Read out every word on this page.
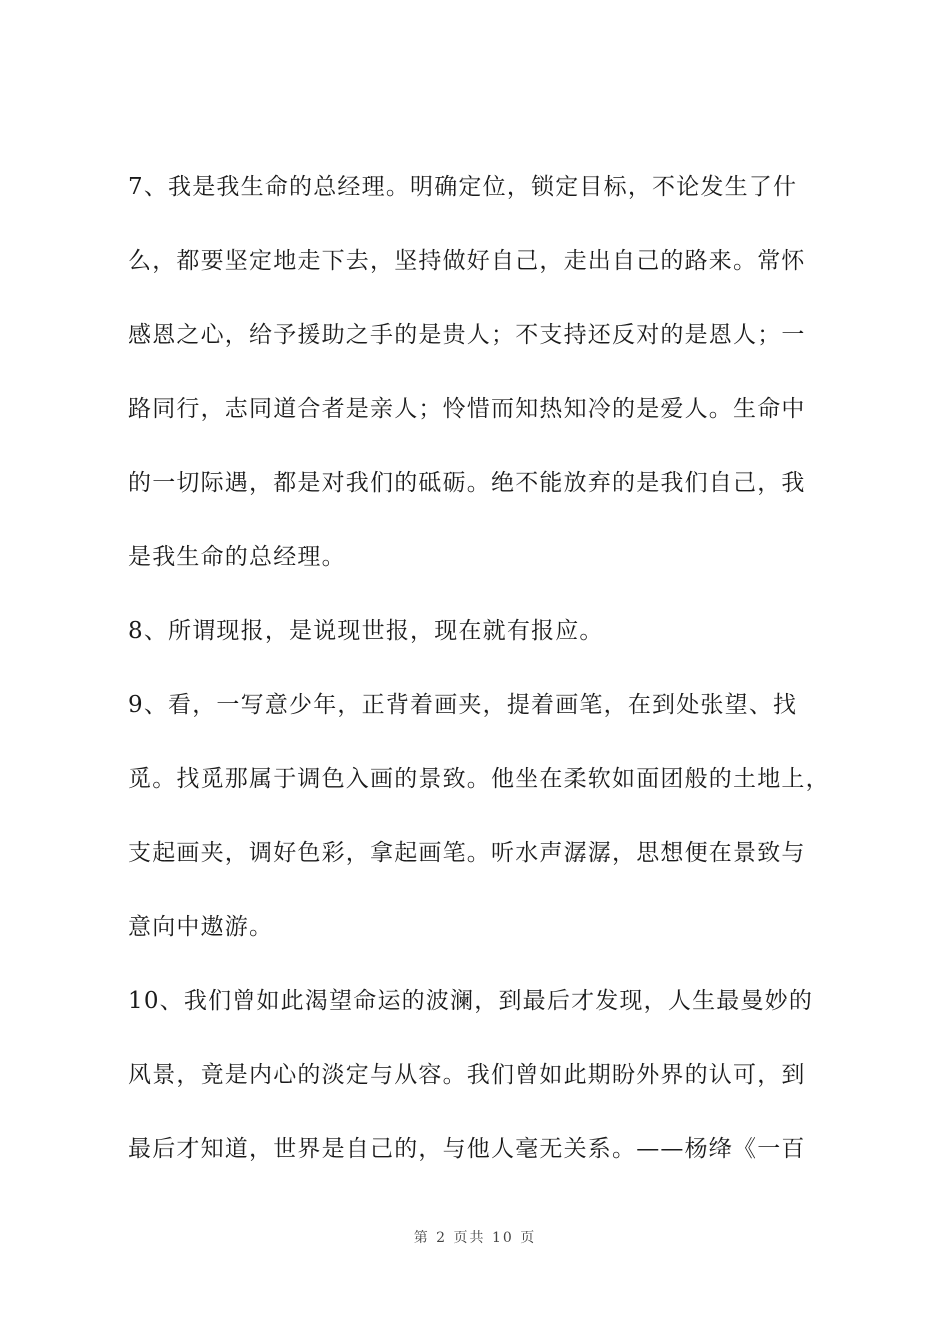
7、我是我生命的总经理。明确定位，锁定目标，不论发生了什
么，都要坚定地走下去，坚持做好自己，走出自己的路来。常怀
感恩之心，给予援助之手的是贵人；不支持还反对的是恩人；一
路同行，志同道合者是亲人；怜惜而知热知冷的是爱人。生命中
的一切际遇，都是对我们的砥砺。绝不能放弃的是我们自己，我
是我生命的总经理。
8、所谓现报，是说现世报，现在就有报应。
9、看，一写意少年，正背着画夹，提着画笔，在到处张望、找
觅。找觅那属于调色入画的景致。他坐在柔软如面团般的土地上，
支起画夹，调好色彩，拿起画笔。听水声潺潺，思想便在景致与
意向中遨游。
10、我们曾如此渴望命运的波澜，到最后才发现，人生最曼妙的
风景，竟是内心的淡定与从容。我们曾如此期盼外界的认可，到
最后才知道，世界是自己的，与他人毫无关系。——杨绛《一百
第 2 页共 10 页
